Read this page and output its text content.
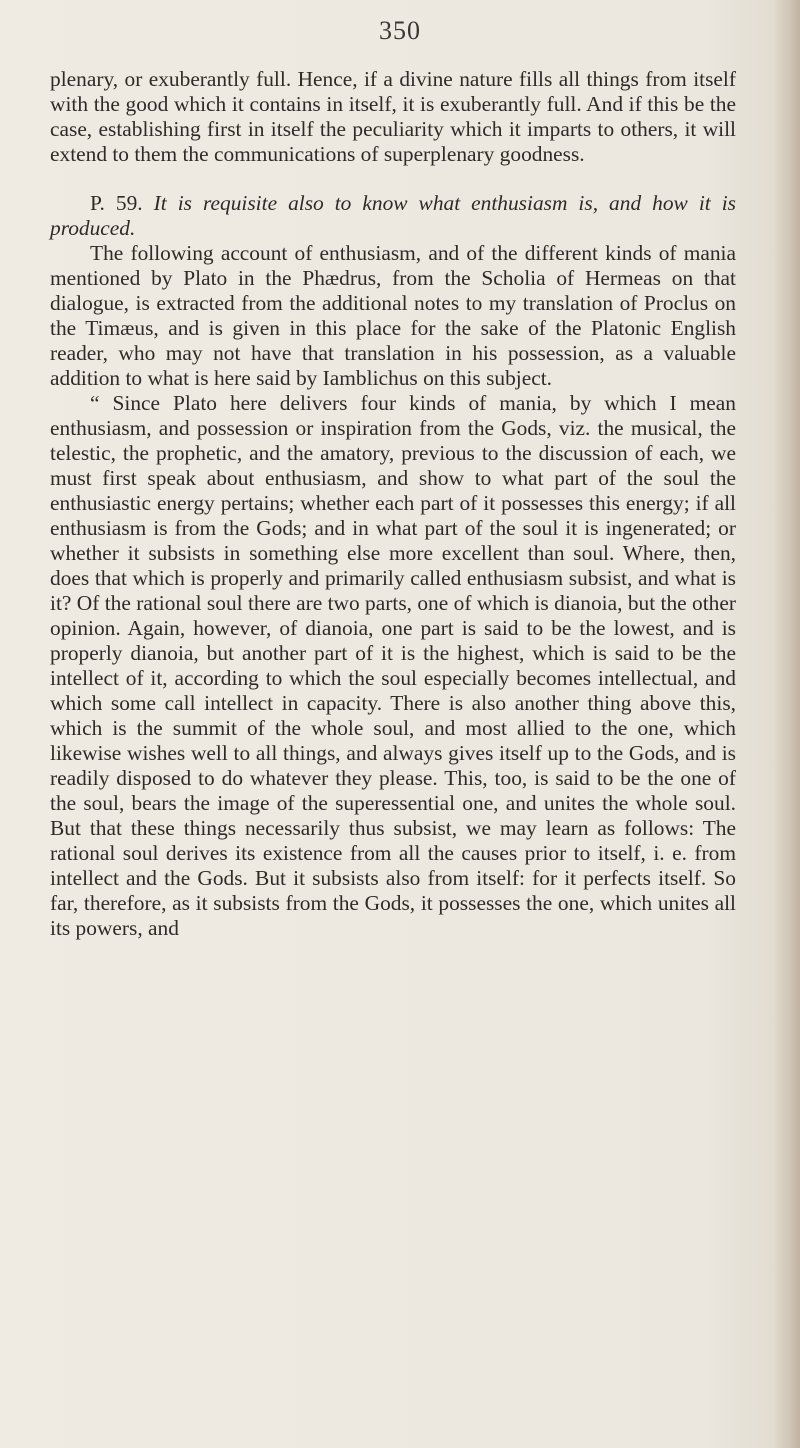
350

plenary, or exuberantly full. Hence, if a divine nature fills all things from itself with the good which it contains in itself, it is exuberantly full. And if this be the case, establishing first in itself the peculiarity which it imparts to others, it will extend to them the communications of superplenary goodness.

P. 59. It is requisite also to know what enthusiasm is, and how it is produced.

The following account of enthusiasm, and of the different kinds of mania mentioned by Plato in the Phædrus, from the Scholia of Hermeas on that dialogue, is extracted from the additional notes to my translation of Proclus on the Timæus, and is given in this place for the sake of the Platonic English reader, who may not have that translation in his possession, as a valuable addition to what is here said by Iamblichus on this subject.

“ Since Plato here delivers four kinds of mania, by which I mean enthusiasm, and possession or inspiration from the Gods, viz. the musical, the telestic, the prophetic, and the amatory, previous to the discussion of each, we must first speak about enthusiasm, and show to what part of the soul the enthusiastic energy pertains; whether each part of it possesses this energy; if all enthusiasm is from the Gods; and in what part of the soul it is ingenerated; or whether it subsists in something else more excellent than soul. Where, then, does that which is properly and primarily called enthusiasm subsist, and what is it? Of the rational soul there are two parts, one of which is dianoia, but the other opinion. Again, however, of dianoia, one part is said to be the lowest, and is properly dianoia, but another part of it is the highest, which is said to be the intellect of it, according to which the soul especially becomes intellectual, and which some call intellect in capacity. There is also another thing above this, which is the summit of the whole soul, and most allied to the one, which likewise wishes well to all things, and always gives itself up to the Gods, and is readily disposed to do whatever they please. This, too, is said to be the one of the soul, bears the image of the superessential one, and unites the whole soul. But that these things necessarily thus subsist, we may learn as follows: The rational soul derives its existence from all the causes prior to itself, i. e. from intellect and the Gods. But it subsists also from itself: for it perfects itself. So far, therefore, as it subsists from the Gods, it possesses the one, which unites all its powers, and
